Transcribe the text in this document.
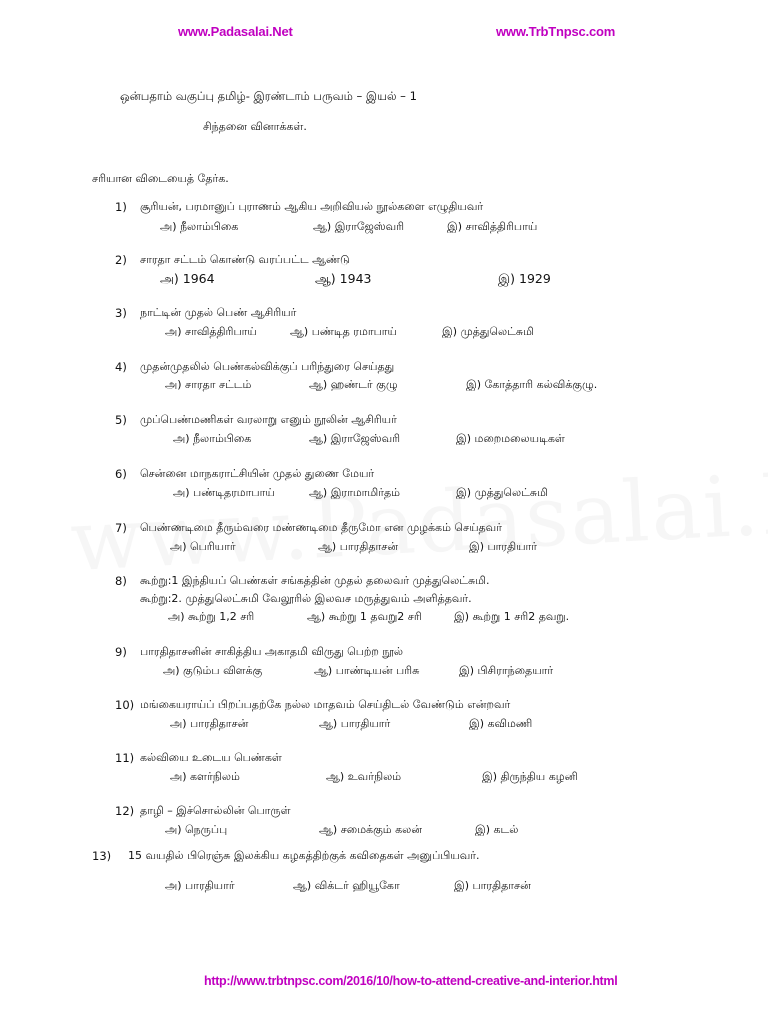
www.Padasalai.Net	www.TrbTnpsc.com
ஒன்பதாம் வகுப்பு தமிழ்- இரண்டாம் பருவம் – இயல் – 1
சிந்தனை வினாக்கள்.
சரியான விடையைத் தேர்க.
1) சூரியன், பரமானுப் புராணம் ஆகிய அறிவியல் நூல்களை எழுதியவர்
அ) நீலாம்பிகை	ஆ) இராஜேஸ்வரி	இ) சாவித்திரிபாய்
2) சாரதா சட்டம் கொண்டு வரப்பட்ட ஆண்டு
அ) 1964	ஆ) 1943	இ) 1929
3) நாட்டின் முதல் பெண் ஆசிரியர்
அ) சாவித்திரிபாய்	ஆ) பண்டித ரமாபாய்	இ) முத்துலெட்சுமி
4) முதன்முதலில் பெண்கல்விக்குப் பரிந்துரை செய்தது
அ) சாரதா சட்டம்	ஆ) ஹண்டர் குழு	இ) கோத்தாரி கல்விக்குழு.
5) முப்பெண்மணிகள் வரலாறு எனும் நூலின் ஆசிரியர்
அ) நீலாம்பிகை	ஆ) இராஜேஸ்வரி	இ) மறைமலையடிகள்
6) சென்னை மாநகராட்சியின் முதல் துணை மேயர்
அ) பண்டிதரமாபாய்	ஆ) இராமாமிர்தம்	இ) முத்துலெட்சுமி
7) பெண்ணடிமை தீரும்வரை மண்ணடிமை தீருமோ என முழக்கம் செய்தவர்
அ) பெரியார்	ஆ) பாரதிதாசன்	இ) பாரதியார்
8) கூற்று:1 இந்தியப் பெண்கள் சங்கத்தின் முதல் தலைவர் முத்துலெட்சுமி.
கூற்று:2. முத்துலெட்சுமி வேலூரில் இலவச மருத்துவம் அளித்தவர்.
அ) கூற்று 1,2 சரி	ஆ) கூற்று 1 தவறு2 சரி	இ) கூற்று 1 சரி2 தவறு.
9) பாரதிதாசனின் சாகித்திய அகாதமி விருது பெற்ற நூல்
அ) குடும்ப விளக்கு	ஆ) பாண்டியன் பரிசு	இ) பிசிராந்தையார்
10) மங்கையராய்ப் பிறப்பதற்கே நல்ல மாதவம் செய்திடல் வேண்டும் என்றவர்
அ) பாரதிதாசன்	ஆ) பாரதியார்	இ) கவிமணி
11) கல்வியை உடைய பெண்கள்
அ) களர்நிலம்	ஆ) உவர்நிலம்	இ) திருந்திய கழனி
12) தாழி – இச்சொல்லின் பொருள்
அ) நெருப்பு	ஆ) சமைக்கும் கலன்	இ) கடல்
13) 15 வயதில் பிரெஞ்சு இலக்கிய கழகத்திற்குக் கவிதைகள் அனுப்பியவர்.
அ) பாரதியார்	ஆ) விக்டர் ஹியூகோ	இ) பாரதிதாசன்
http://www.trbtnpsc.com/2016/10/how-to-attend-creative-and-interior.html
